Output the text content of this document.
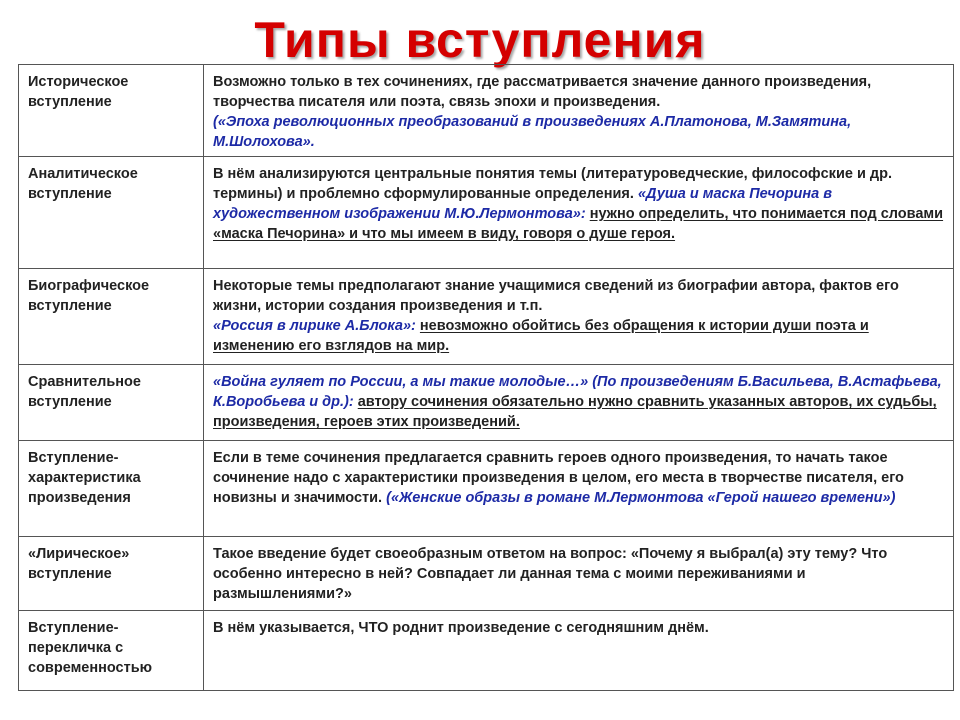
Типы вступления
Историческое вступление	Возможно только в тех сочинениях, где рассматривается значение данного произведения, творчества писателя или поэта, связь эпохи и произведения.
(«Эпоха революционных преобразований в произведениях А.Платонова, М.Замятина, М.Шолохова».
Аналитическое вступление	В нём анализируются центральные понятия темы (литературоведческие, философские и др. термины) и проблемно сформулированные определения. «Душа и маска Печорина в художественном изображении М.Ю.Лермонтова»: нужно определить, что понимается под словами «маска Печорина» и что мы имеем в виду, говоря о душе героя.
Биографическое вступление	Некоторые темы предполагают знание учащимися сведений из биографии автора, фактов его жизни, истории создания произведения и т.п.
«Россия в лирике А.Блока»: невозможно обойтись без обращения к истории души поэта и изменению его взглядов на мир.
Сравнительное вступление	«Война гуляет по России, а мы такие молодые…» (По произведениям Б.Васильева, В.Астафьева, К.Воробьева и др.): автору сочинения обязательно нужно сравнить указанных авторов, их судьбы, произведения, героев этих произведений.
Вступление-характеристика произведения	Если в теме сочинения предлагается сравнить героев одного произведения, то начать такое сочинение надо с характеристики произведения в целом, его места в творчестве писателя, его новизны и значимости. («Женские образы в романе М.Лермонтова «Герой нашего времени»)
«Лирическое» вступление	Такое введение будет своеобразным ответом на вопрос: «Почему я выбрал(а) эту тему? Что особенно интересно в ней? Совпадает ли данная тема с моими переживаниями и размышлениями?»
Вступление-перекличка с современностью	В нём указывается, ЧТО роднит произведение с сегодняшним днём.
